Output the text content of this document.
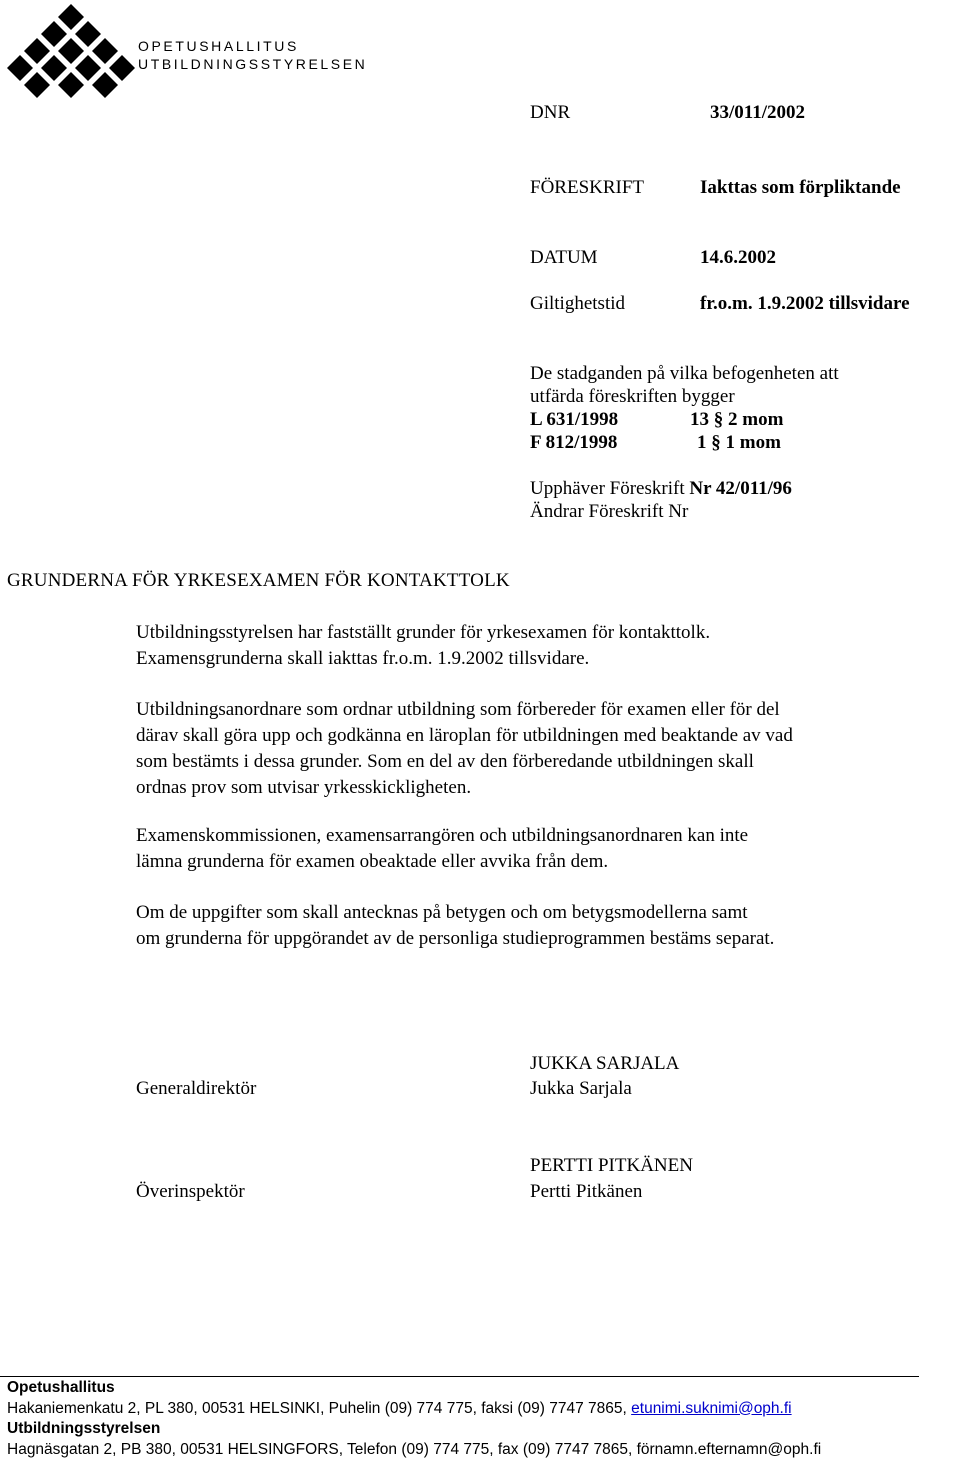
OPETUSHALLITUS
UTBILDNINGSSTYRELSEN
DNR	33/011/2002
FÖRESKRIFT	Iakttas som förpliktande
DATUM	14.6.2002
Giltighetstid	fr.o.m. 1.9.2002 tillsvidare
De stadganden på vilka befogenheten att
utfärda föreskriften bygger
L 631/1998	13 § 2 mom
F 812/1998	1 § 1 mom
Upphäver Föreskrift Nr 42/011/96
Ändrar Föreskrift Nr
GRUNDERNA FÖR YRKESEXAMEN FÖR KONTAKTTOLK
Utbildningsstyrelsen har fastställt grunder för yrkesexamen för kontakttolk.
Examensgrunderna skall iakttas fr.o.m. 1.9.2002 tillsvidare.
Utbildningsanordnare som ordnar utbildning som förbereder för examen eller för del
därav skall göra upp och godkänna en läroplan för utbildningen med beaktande av vad
som bestämts i dessa grunder. Som en del av den förberedande utbildningen skall
ordnas prov som utvisar yrkesskickligheten.
Examenskommissionen, examensarrangören och utbildningsanordnaren kan inte
lämna grunderna för examen obeaktade eller avvika från dem.
Om de uppgifter som skall antecknas på betygen och om betygsmodellerna samt
om grunderna för uppgörandet av de personliga studieprogrammen bestäms separat.
Generaldirektör
JUKKA SARJALA
Jukka Sarjala
Överinspektör
PERTTI PITKÄNEN
Pertti Pitkänen
Opetushallitus
Hakaniemenkatu 2, PL 380, 00531 HELSINKI, Puhelin (09) 774 775, faksi (09) 7747 7865, etunimi.suknimi@oph.fi
Utbildningsstyrelsen
Hagnäsgatan 2, PB 380, 00531 HELSINGFORS, Telefon (09) 774 775, fax (09) 7747 7865, förnamn.efternamn@oph.fi
